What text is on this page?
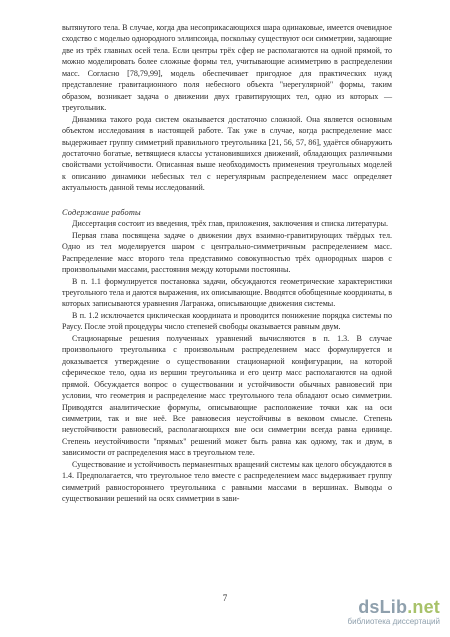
вытянутого тела. В случае, когда два несоприкасающихся шара одинаковые, имеется очевидное сходство с моделью однородного эллипсоида, поскольку существуют оси симметрии, задающие две из трёх главных осей тела. Если центры трёх сфер не располагаются на одной прямой, то можно моделировать более сложные формы тел, учитывающие асимметрию в распределении масс. Согласно [78,79,99], модель обеспечивает пригодное для практических нужд представление гравитационного поля небесного объекта "нерегулярной" формы, таким образом, возникает задача о движении двух гравитирующих тел, одно из которых — треугольник.

Динамика такого рода систем оказывается достаточно сложной. Она является основным объектом исследования в настоящей работе. Так уже в случае, когда распределение масс выдерживает группу симметрий правильного треугольника [21, 56, 57, 86], удаётся обнаружить достаточно богатые, ветвящиеся классы установившихся движений, обладающих различными свойствами устойчивости. Описанная выше необходимость применения треугольных моделей к описанию динамики небесных тел с нерегулярным распределением масс определяет актуальность данной темы исследований.

Содержание работы

Диссертация состоит из введения, трёх глав, приложения, заключения и списка литературы.

Первая глава посвящена задаче о движении двух взаимно-гравитирующих твёрдых тел. Одно из тел моделируется шаром с центрально-симметричным распределением масс. Распределение масс второго тела представимо совокупностью трёх однородных шаров с произвольными массами, расстояния между которыми постоянны.

В п. 1.1 формулируется постановка задачи, обсуждаются геометрические характеристики треугольного тела и даются выражения, их описывающие. Вводятся обобщенные координаты, в которых записываются уравнения Лагранжа, описывающие движения системы.

В п. 1.2 исключается циклическая координата и проводится понижение порядка системы по Раусу. После этой процедуры число степеней свободы оказывается равным двум.

Стационарные решения полученных уравнений вычисляются в п. 1.3. В случае произвольного треугольника с произвольным распределением масс формулируется и доказывается утверждение о существовании стационарной конфигурации, на которой сферическое тело, одна из вершин треугольника и его центр масс располагаются на одной прямой. Обсуждается вопрос о существовании и устойчивости обычных равновесий при условии, что геометрия и распределение масс треугольного тела обладают осью симметрии. Приводятся аналитические формулы, описывающие расположение точки как на оси симметрии, так и вне неё. Все равновесия неустойчивы в вековом смысле. Степень неустойчивости равновесий, располагающихся вне оси симметрии всегда равна единице. Степень неустойчивости "прямых" решений может быть равна как одному, так и двум, в зависимости от распределения масс в треугольном теле.

Существование и устойчивость перманентных вращений системы как целого обсуждаются в 1.4. Предполагается, что треугольное тело вместе с распределением масс выдерживает группу симметрий равностороннего треугольника с равными массами в вершинах. Выводы о существовании решений на осях симметрии в зави-

7	dsLib.net
библиотека диссертаций
